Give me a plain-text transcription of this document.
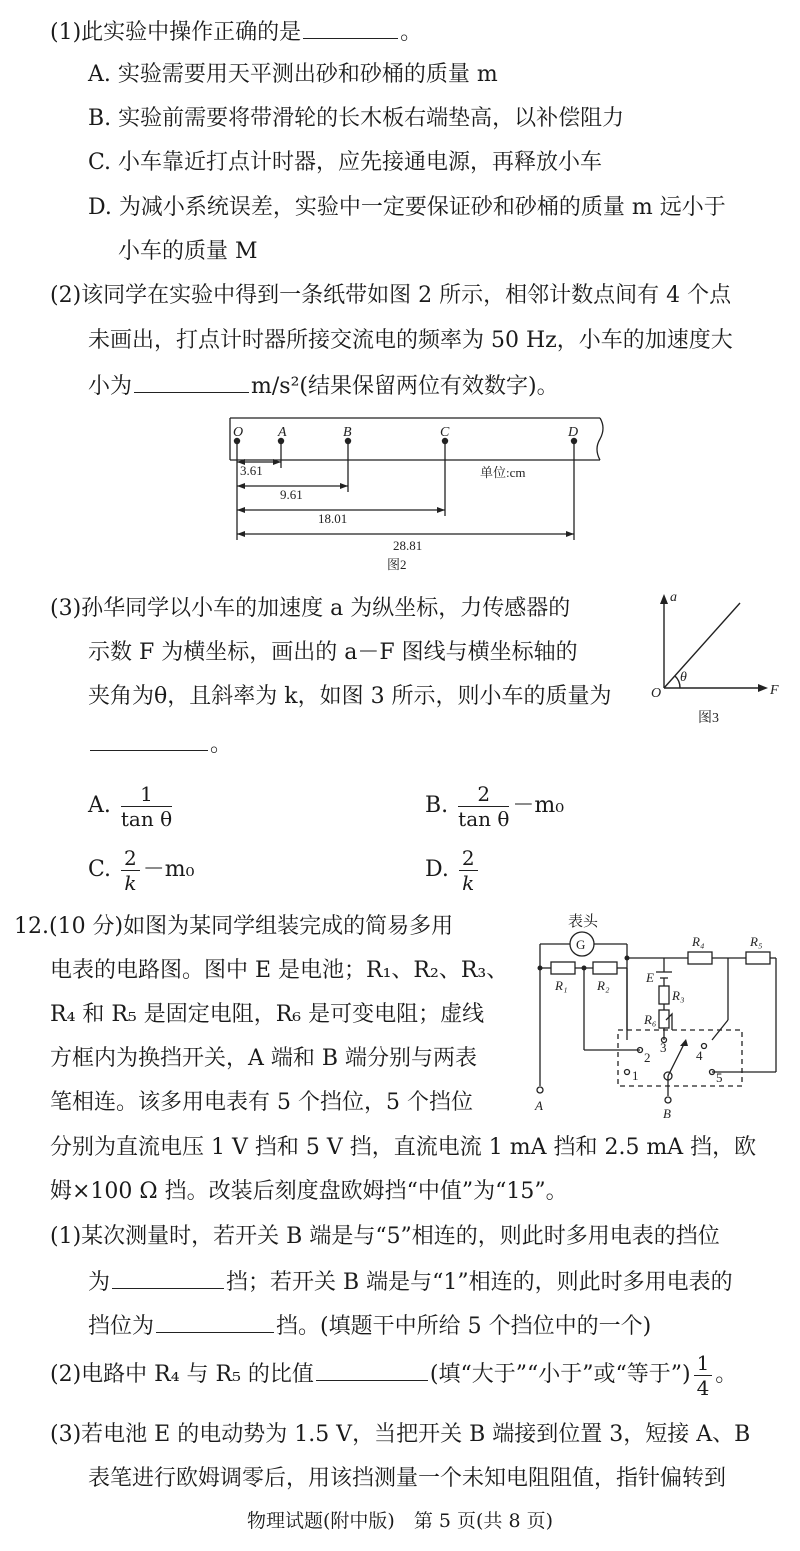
(1)此实验中操作正确的是	。
A. 实验需要用天平测出砂和砂桶的质量 m
B. 实验前需要将带滑轮的长木板右端垫高，以补偿阻力
C. 小车靠近打点计时器，应先接通电源，再释放小车
D. 为减小系统误差，实验中一定要保证砂和砂桶的质量 m 远小于
小车的质量 M
(2)该同学在实验中得到一条纸带如图 2 所示，相邻计数点间有 4 个点
未画出，打点计时器所接交流电的频率为 50 Hz，小车的加速度大
小为	m/s²(结果保留两位有效数字)。
O A	B	C	D
3.61
9.61
18.01
28.81
单位:cm
图2
(3)孙华同学以小车的加速度 a 为纵坐标，力传感器的
示数 F 为横坐标，画出的 a－F 图线与横坐标轴的
夹角为θ，且斜率为 k，如图 3 所示，则小车的质量为
。
a
F
O
θ
图3
A. $\frac{1}{\text{tan θ}}$	B. $\frac{2}{\text{tan θ}} -m_0$
C. $\frac{2}{k} -m_0$	D. $\frac{2}{k}$
12.(10 分)如图为某同学组装完成的简易多用
电表的电路图。图中 E 是电池；R₁、R₂、R₃、
R₄ 和 R₅ 是固定电阻，R₆ 是可变电阻；虚线
方框内为换挡开关，A 端和 B 端分别与两表
笔相连。该多用电表有 5 个挡位，5 个挡位
分别为直流电压 1 V 挡和 5 V 挡，直流电流 1 mA 挡和 2.5 mA 挡，欧
姆×100 Ω 挡。改装后刻度盘欧姆挡“中值”为“15”。
表头
G
R₁ R₂
R₄	R₅
E
R₃
R₆
A
B
1
2
3
4
5
(1)某次测量时，若开关 B 端是与“5”相连的，则此时多用电表的挡位
为	挡；若开关 B 端是与“1”相连的，则此时多用电表的
挡位为	挡。(填题干中所给 5 个挡位中的一个)
(2)电路中 R₄ 与 R₅ 的比值	(填“大于”“小于”或“等于”) $\frac{1}{4}$ 。
(3)若电池 E 的电动势为 1.5 V，当把开关 B 端接到位置 3，短接 A、B
表笔进行欧姆调零后，用该挡测量一个未知电阻阻值，指针偏转到
物理试题(附中版)　第 5 页(共 8 页)
